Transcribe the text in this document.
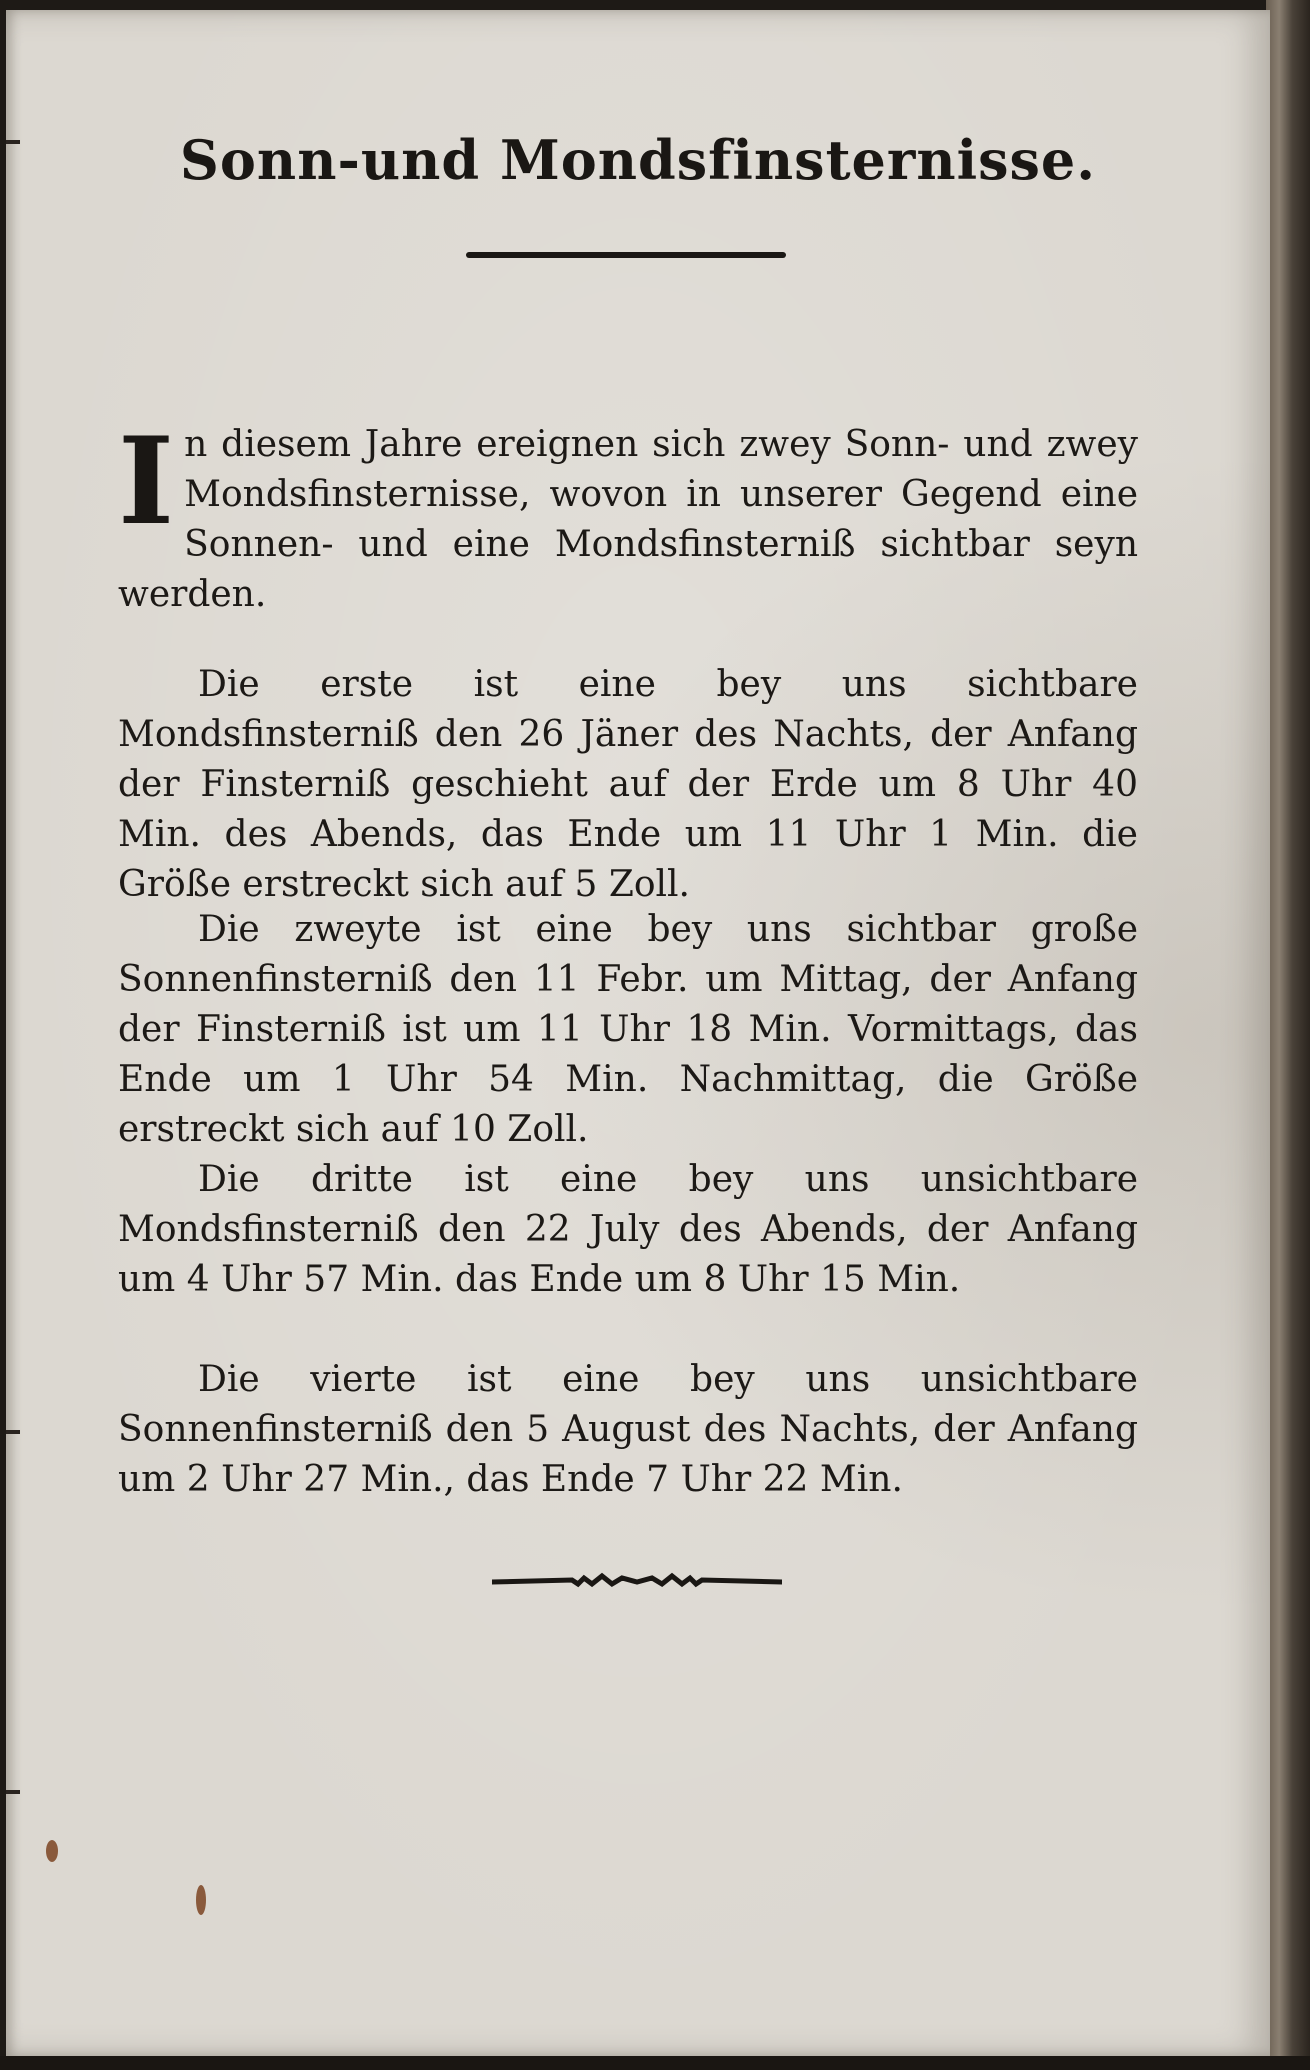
Sonn-und Mondsfinsternisse.

In diesem Jahre ereignen sich zwey Sonn- und zwey Mondsfinsternisse, wovon in unserer Gegend eine Sonnen- und eine Mondsfinsterniß sichtbar seyn werden.

Die erste ist eine bey uns sichtbare Mondsfinsterniß den 26 Jäner des Nachts, der Anfang der Finsterniß geschieht auf der Erde um 8 Uhr 40 Min. des Abends, das Ende um 11 Uhr 1 Min. die Größe erstreckt sich auf 5 Zoll.

Die zweyte ist eine bey uns sichtbar große Sonnenfinsterniß den 11 Febr. um Mittag, der Anfang der Finsterniß ist um 11 Uhr 18 Min. Vormittags, das Ende um 1 Uhr 54 Min. Nachmittag, die Größe erstreckt sich auf 10 Zoll.

Die dritte ist eine bey uns unsichtbare Mondsfinsterniß den 22 July des Abends, der Anfang um 4 Uhr 57 Min. das Ende um 8 Uhr 15 Min.

Die vierte ist eine bey uns unsichtbare Sonnenfinsterniß den 5 August des Nachts, der Anfang um 2 Uhr 27 Min., das Ende 7 Uhr 22 Min.
